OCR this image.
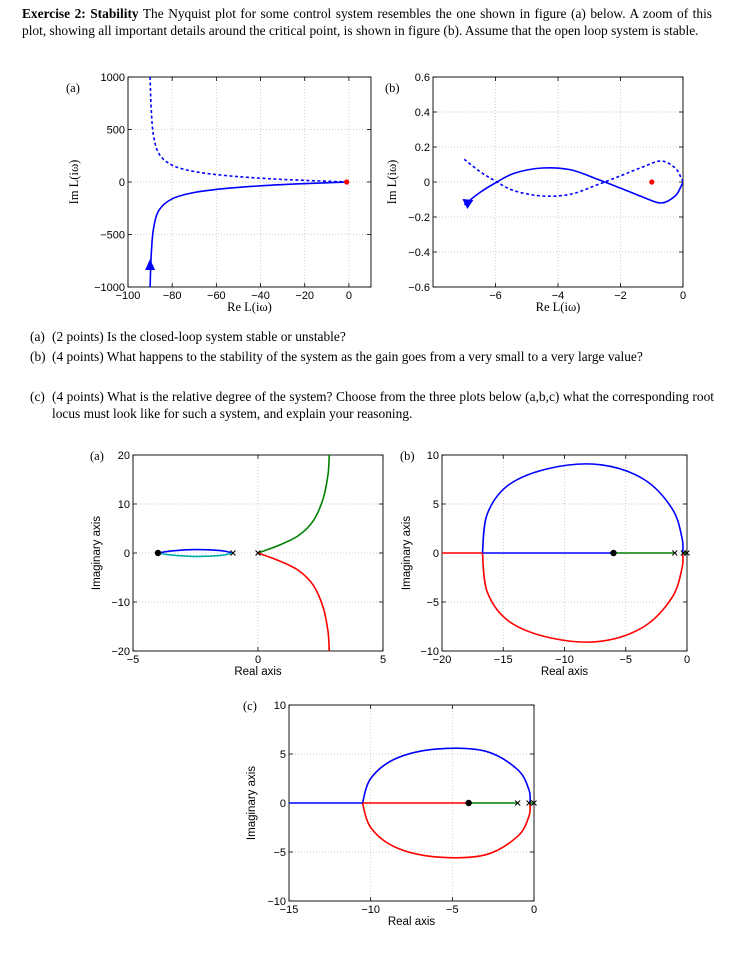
Exercise 2: Stability The Nyquist plot for some control system resembles the one shown in figure (a) below. A zoom of this plot, showing all important details around the critical point, is shown in figure (b). Assume that the open loop system is stable.
−100 −80 −60 −40 −20	0
1000
500
0
−500
−1000
Re L(iω)
Im L(iω)
(a)
−6	−4	−2	0
0.6
0.4
0.2
0
−0.2
−0.4
−0.6
Re L(iω)
Im L(iω)
(b)
−5	0	5
20
10
0
−10
−20
Real axis
Imaginary axis
(a)
−20	−15	−10	−5	0
10
5
0
−5
−10
Real axis
Imaginary axis
(b)
−15	−10	−5	0
10
5
0
−5
−10
Real axis
Imaginary axis
(c)
(a) (2 points) Is the closed-loop system stable or unstable?
(b) (4 points) What happens to the stability of the system as the gain goes from a very small to a very large value?
(c) (4 points) What is the relative degree of the system? Choose from the three plots below (a,b,c) what the corresponding root locus must look like for such a system, and explain your reasoning.
